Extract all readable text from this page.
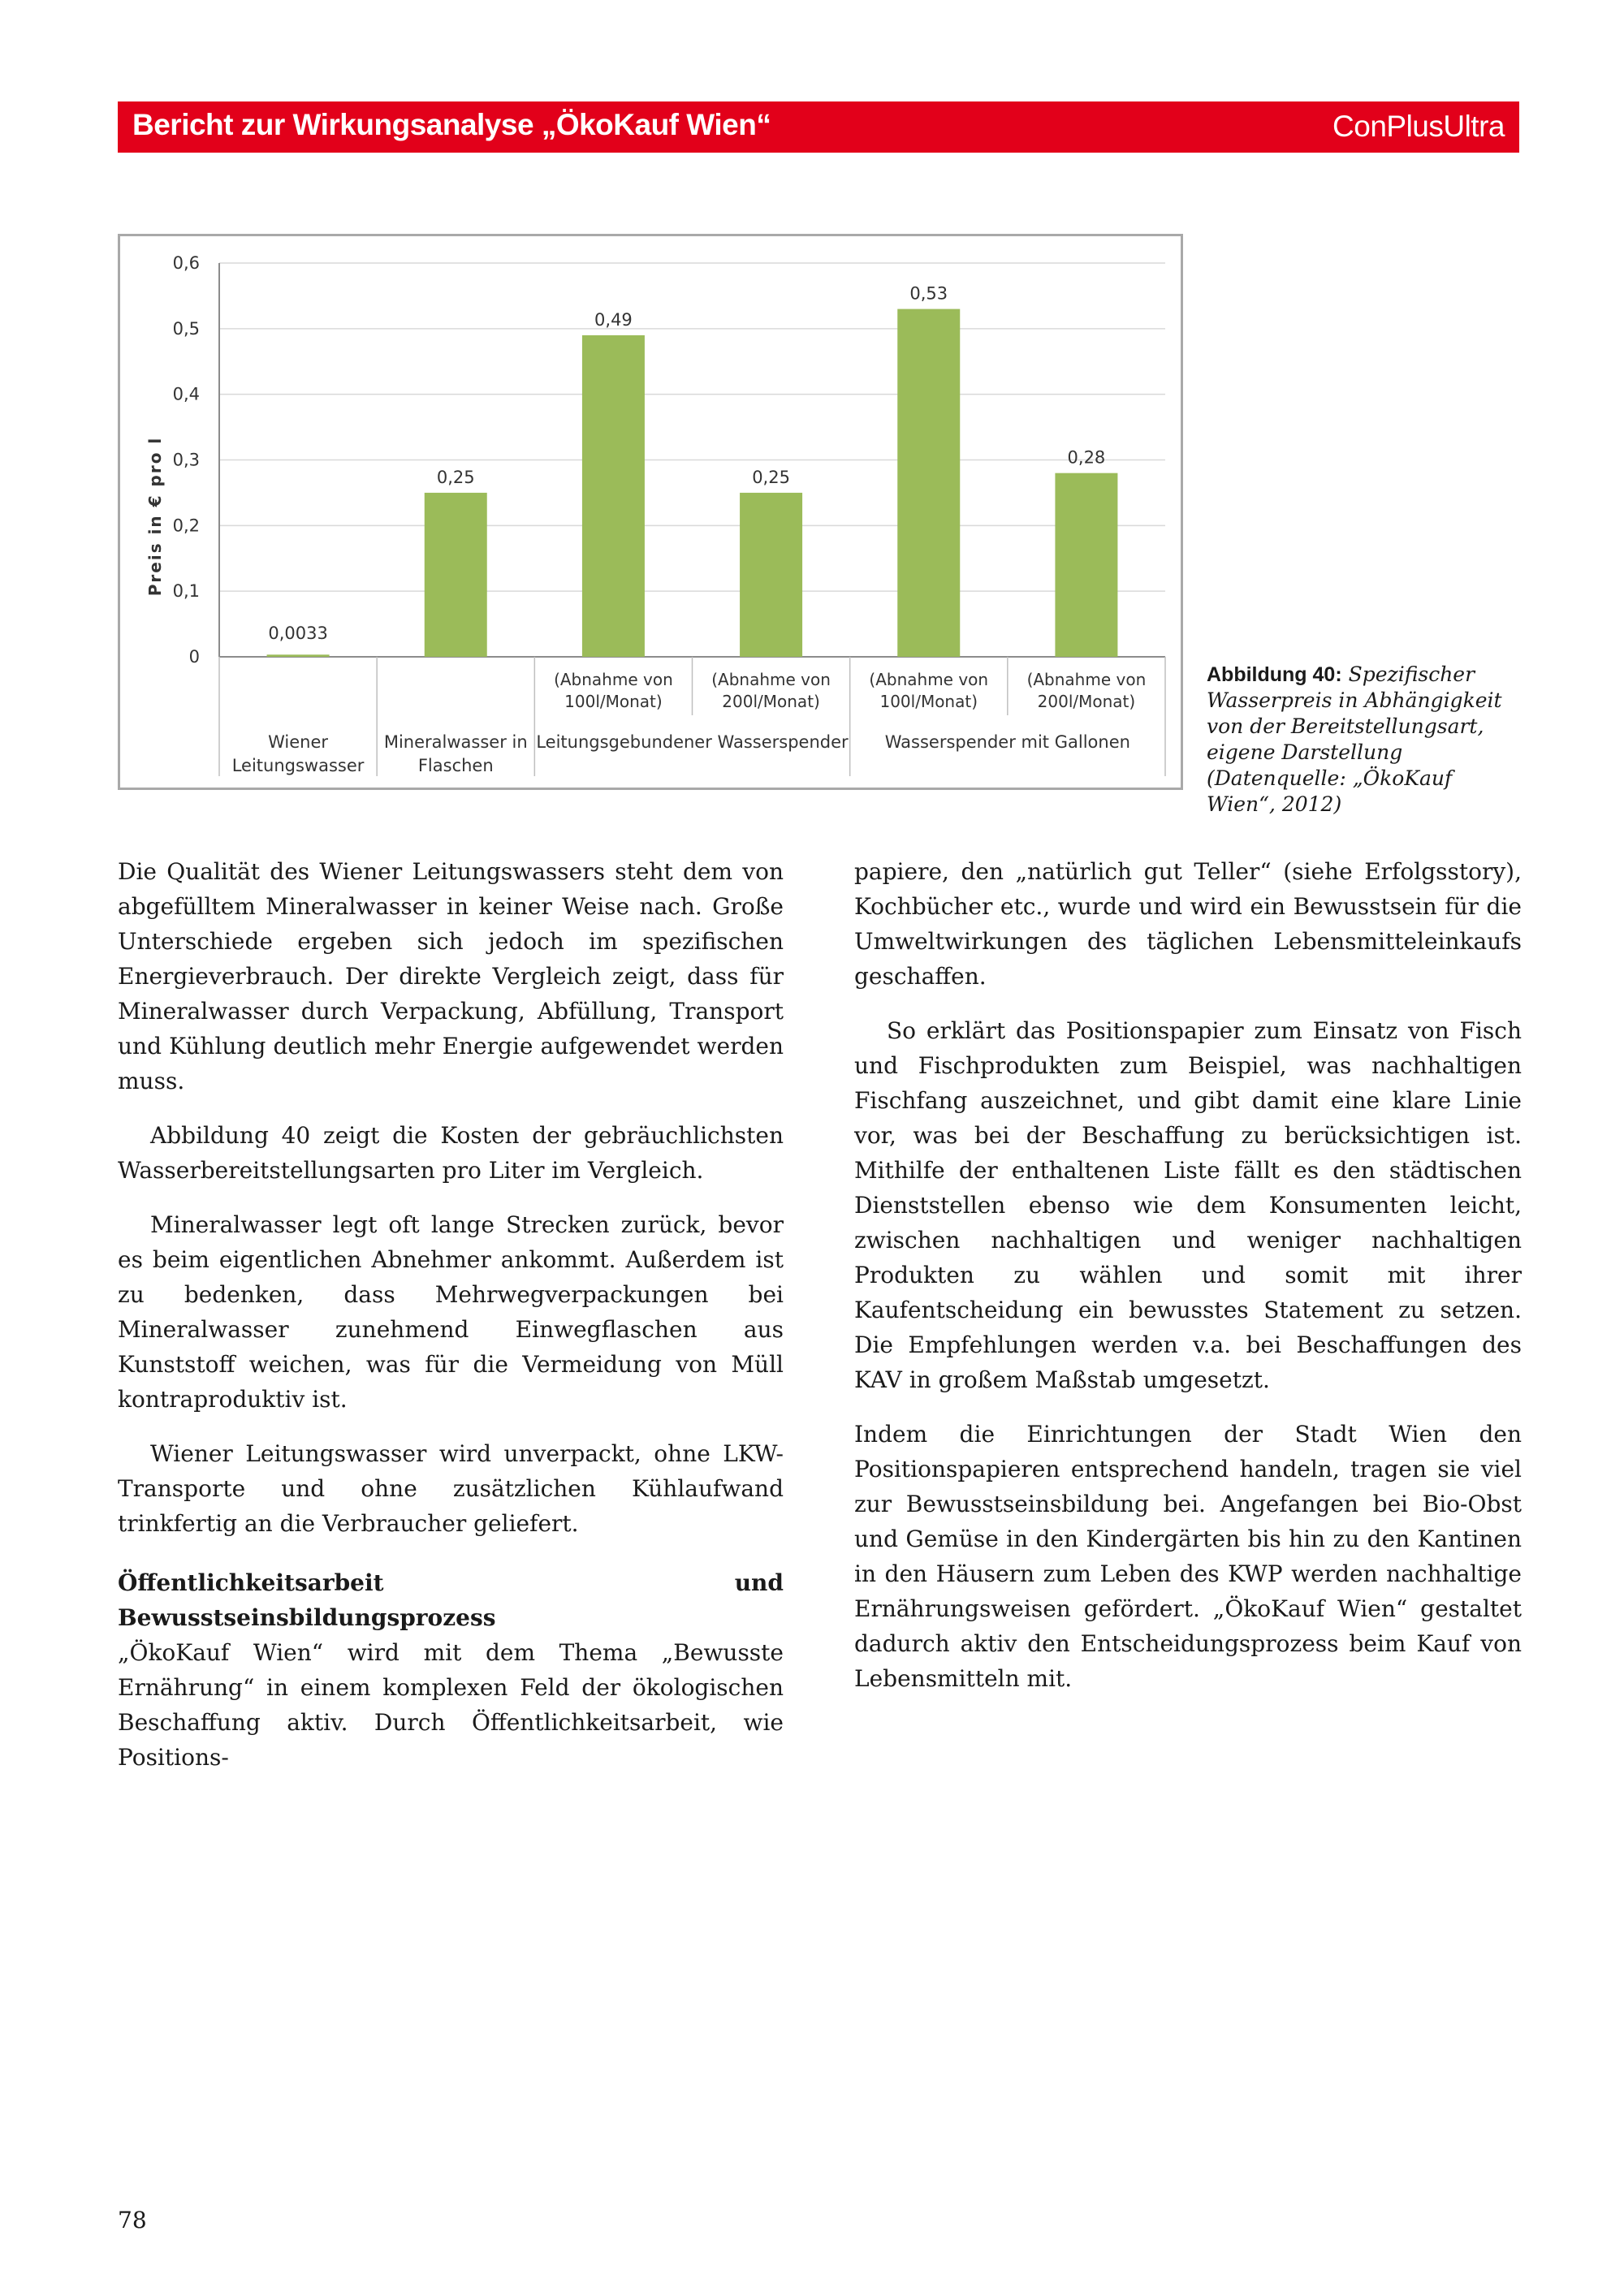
Bericht zur Wirkungsanalyse „ÖkoKauf Wien“	ConPlusUltra
Preis in € pro l
0
0,1
0,2
0,3
0,4
0,5
0,6
0,0033
0,25
0,49
(Abnahme von
100l/Monat)
0,25
(Abnahme von
200l/Monat)
0,53
(Abnahme von
100l/Monat)
0,28
(Abnahme von
200l/Monat)
Wiener
Leitungswasser
Mineralwasser in
Flaschen
Leitungsgebundener Wasserspender Wasserspender mit Gallonen
Abbildung 40: Spezifischer Wasserpreis in Abhängigkeit von der Bereitstellungsart, eigene Darstellung (Datenquelle: „ÖkoKauf Wien“, 2012)

Die Qualität des Wiener Leitungswassers steht dem von abgefülltem Mineralwasser in keiner Weise nach. Große Unterschiede ergeben sich jedoch im spezifischen Energieverbrauch. Der direkte Vergleich zeigt, dass für Mineralwasser durch Verpackung, Abfüllung, Transport und Kühlung deutlich mehr Energie aufgewendet werden muss.

Abbildung 40 zeigt die Kosten der gebräuchlichsten Wasserbereitstellungsarten pro Liter im Vergleich.

Mineralwasser legt oft lange Strecken zurück, bevor es beim eigentlichen Abnehmer ankommt. Außerdem ist zu bedenken, dass Mehrwegverpackungen bei Mineralwasser zunehmend Einwegflaschen aus Kunststoff weichen, was für die Vermeidung von Müll kontraproduktiv ist.

Wiener Leitungswasser wird unverpackt, ohne LKW-Transporte und ohne zusätzlichen Kühlaufwand trinkfertig an die Verbraucher geliefert.

Öffentlichkeitsarbeit und Bewusstseinsbildungsprozess

„ÖkoKauf Wien“ wird mit dem Thema „Bewusste Ernährung“ in einem komplexen Feld der ökologischen Beschaffung aktiv. Durch Öffentlichkeitsarbeit, wie Positions-

papiere, den „natürlich gut Teller“ (siehe Erfolgsstory), Kochbücher etc., wurde und wird ein Bewusstsein für die Umweltwirkungen des täglichen Lebensmitteleinkaufs geschaffen.

So erklärt das Positionspapier zum Einsatz von Fisch und Fischprodukten zum Beispiel, was nachhaltigen Fischfang auszeichnet, und gibt damit eine klare Linie vor, was bei der Beschaffung zu berücksichtigen ist. Mithilfe der enthaltenen Liste fällt es den städtischen Dienststellen ebenso wie dem Konsumenten leicht, zwischen nachhaltigen und weniger nachhaltigen Produkten zu wählen und somit mit ihrer Kaufentscheidung ein bewusstes Statement zu setzen. Die Empfehlungen werden v.a. bei Beschaffungen des KAV in großem Maßstab umgesetzt.

Indem die Einrichtungen der Stadt Wien den Positionspapieren entsprechend handeln, tragen sie viel zur Bewusstseinsbildung bei. Angefangen bei Bio-Obst und Gemüse in den Kindergärten bis hin zu den Kantinen in den Häusern zum Leben des KWP werden nachhaltige Ernährungsweisen gefördert. „ÖkoKauf Wien“ gestaltet dadurch aktiv den Entscheidungsprozess beim Kauf von Lebensmitteln mit.

78
